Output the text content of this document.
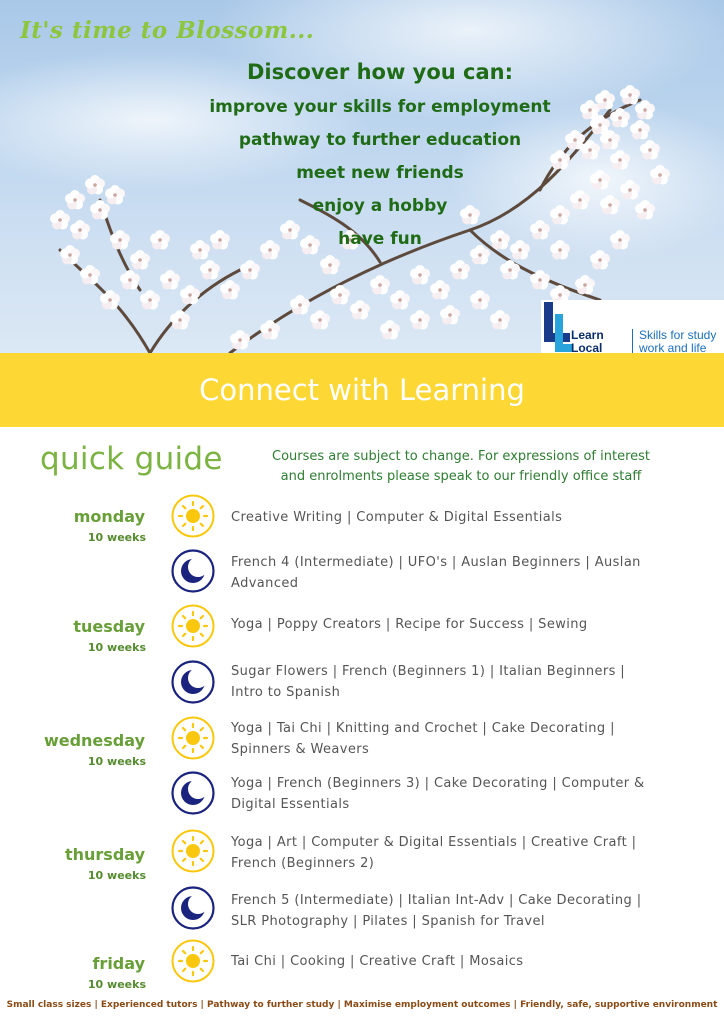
It's time to Blossom...
Discover how you can:
improve your skills for employment
pathway to further education
meet new friends
enjoy a hobby
have fun
Learn
Local
Skills for study
work and life
Connect with Learning
quick guide	Courses are subject to change. For expressions of interest
and enrolments please speak to our friendly office staff
monday
10 weeks
Creative Writing | Computer & Digital Essentials
French 4 (Intermediate) | UFO's | Auslan Beginners | Auslan
Advanced
tuesday
10 weeks
Yoga | Poppy Creators | Recipe for Success | Sewing
Sugar Flowers | French (Beginners 1) | Italian Beginners |
Intro to Spanish
wednesday
10 weeks
Yoga | Tai Chi | Knitting and Crochet | Cake Decorating |
Spinners & Weavers
Yoga | French (Beginners 3) | Cake Decorating | Computer &
Digital Essentials
thursday
10 weeks
Yoga | Art | Computer & Digital Essentials | Creative Craft |
French (Beginners 2)
French 5 (Intermediate) | Italian Int-Adv | Cake Decorating |
SLR Photography | Pilates | Spanish for Travel
friday
10 weeks
Tai Chi | Cooking | Creative Craft | Mosaics
Small class sizes | Experienced tutors | Pathway to further study | Maximise employment outcomes | Friendly, safe, supportive environment
